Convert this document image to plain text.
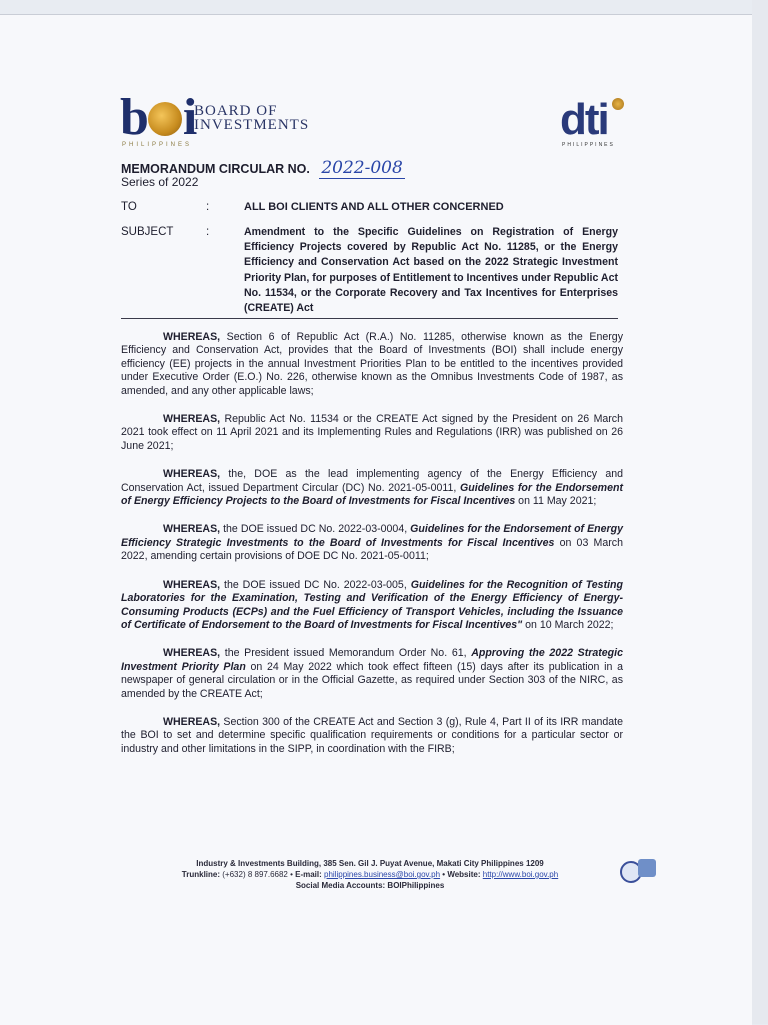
b i
BOARD OF
INVESTMENTS
PHILIPPINES
dti
PHILIPPINES
MEMORANDUM CIRCULAR NO. 2022-008
Series of 2022
TO	:	ALL BOI CLIENTS AND ALL OTHER CONCERNED
SUBJECT	:	Amendment to the Specific Guidelines on Registration of Energy Efficiency Projects covered by Republic Act No. 11285, or the Energy Efficiency and Conservation Act based on the 2022 Strategic Investment Priority Plan, for purposes of Entitlement to Incentives under Republic Act No. 11534, or the Corporate Recovery and Tax Incentives for Enterprises (CREATE) Act

WHEREAS, Section 6 of Republic Act (R.A.) No. 11285, otherwise known as the Energy Efficiency and Conservation Act, provides that the Board of Investments (BOI) shall include energy efficiency (EE) projects in the annual Investment Priorities Plan to be entitled to the incentives provided under Executive Order (E.O.) No. 226, otherwise known as the Omnibus Investments Code of 1987, as amended, and any other applicable laws;

WHEREAS, Republic Act No. 11534 or the CREATE Act signed by the President on 26 March 2021 took effect on 11 April 2021 and its Implementing Rules and Regulations (IRR) was published on 26 June 2021;

WHEREAS, the, DOE as the lead implementing agency of the Energy Efficiency and Conservation Act, issued Department Circular (DC) No. 2021-05-0011, Guidelines for the Endorsement of Energy Efficiency Projects to the Board of Investments for Fiscal Incentives on 11 May 2021;

WHEREAS, the DOE issued DC No. 2022-03-0004, Guidelines for the Endorsement of Energy Efficiency Strategic Investments to the Board of Investments for Fiscal Incentives on 03 March 2022, amending certain provisions of DOE DC No. 2021-05-0011;

WHEREAS, the DOE issued DC No. 2022-03-005, Guidelines for the Recognition of Testing Laboratories for the Examination, Testing and Verification of the Energy Efficiency of Energy-Consuming Products (ECPs) and the Fuel Efficiency of Transport Vehicles, including the Issuance of Certificate of Endorsement to the Board of Investments for Fiscal Incentives" on 10 March 2022;

WHEREAS, the President issued Memorandum Order No. 61, Approving the 2022 Strategic Investment Priority Plan on 24 May 2022 which took effect fifteen (15) days after its publication in a newspaper of general circulation or in the Official Gazette, as required under Section 303 of the NIRC, as amended by the CREATE Act;

WHEREAS, Section 300 of the CREATE Act and Section 3 (g), Rule 4, Part II of its IRR mandate the BOI to set and determine specific qualification requirements or conditions for a particular sector or industry and other limitations in the SIPP, in coordination with the FIRB;

Industry & Investments Building, 385 Sen. Gil J. Puyat Avenue, Makati City Philippines 1209
Trunkline: (+632) 8 897.6682 • E-mail: philippines.business@boi.gov.ph • Website: http://www.boi.gov.ph
Social Media Accounts: BOIPhilippines
